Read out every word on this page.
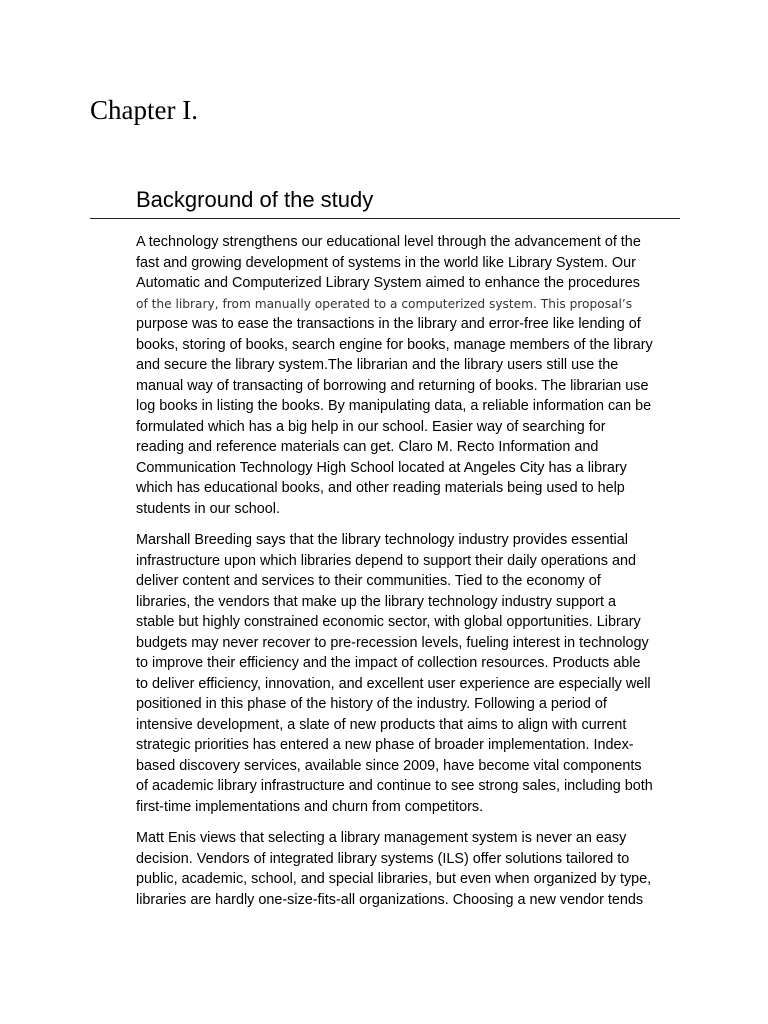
Chapter I.
Background of the study

A technology strengthens our educational level through the advancement of the
fast and growing development of systems in the world like Library System. Our
Automatic and Computerized Library System aimed to enhance the procedures
of the library, from manually operated to a computerized system. This proposal’s
purpose was to ease the transactions in the library and error-free like lending of
books, storing of books, search engine for books, manage members of the library
and secure the library system.The librarian and the library users still use the
manual way of transacting of borrowing and returning of books. The librarian use
log books in listing the books. By manipulating data, a reliable information can be
formulated which has a big help in our school. Easier way of searching for
reading and reference materials can get. Claro M. Recto Information and
Communication Technology High School located at Angeles City has a library
which has educational books, and other reading materials being used to help
students in our school.

Marshall Breeding says that the library technology industry provides essential
infrastructure upon which libraries depend to support their daily operations and
deliver content and services to their communities. Tied to the economy of
libraries, the vendors that make up the library technology industry support a
stable but highly constrained economic sector, with global opportunities. Library
budgets may never recover to pre-recession levels, fueling interest in technology
to improve their efficiency and the impact of collection resources. Products able
to deliver efficiency, innovation, and excellent user experience are especially well
positioned in this phase of the history of the industry. Following a period of
intensive development, a slate of new products that aims to align with current
strategic priorities has entered a new phase of broader implementation. Index-
based discovery services, available since 2009, have become vital components
of academic library infrastructure and continue to see strong sales, including both
first-time implementations and churn from competitors.

Matt Enis views that selecting a library management system is never an easy
decision. Vendors of integrated library systems (ILS) offer solutions tailored to
public, academic, school, and special libraries, but even when organized by type,
libraries are hardly one-size-fits-all organizations. Choosing a new vendor tends
